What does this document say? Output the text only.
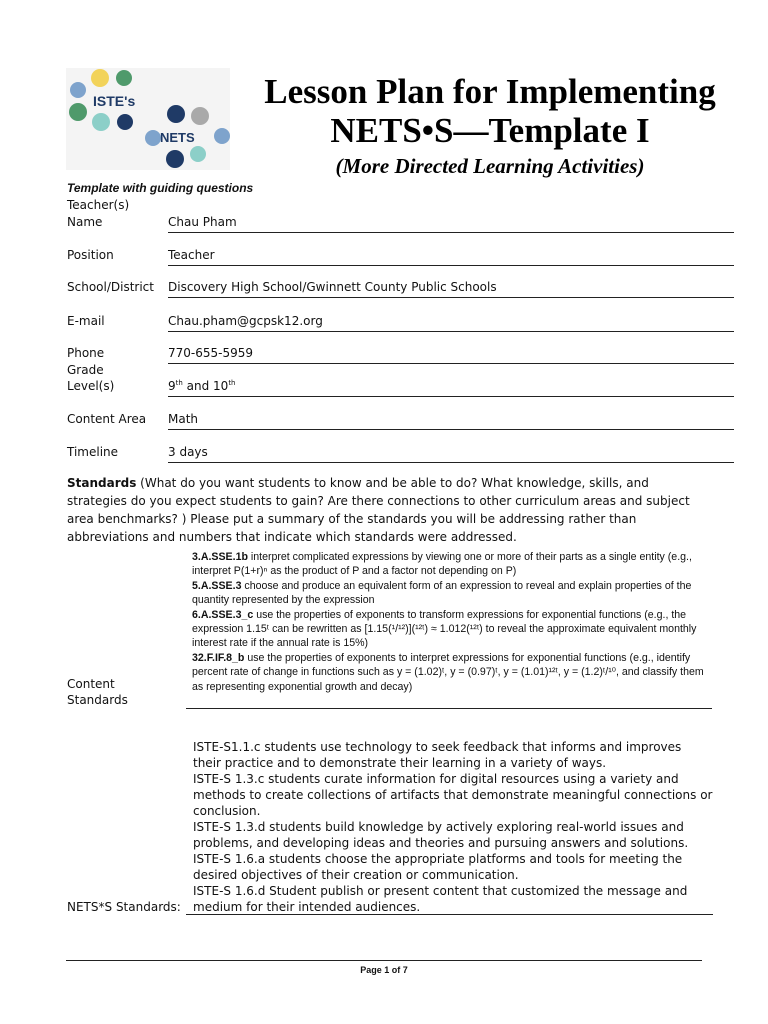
ISTE's
NETS
Lesson Plan for Implementing
NETS•S—Template I
(More Directed Learning Activities)
Template with guiding questions
Teacher(s)
Name	Chau Pham
Position	Teacher
School/District Discovery High School/Gwinnett County Public Schools
E-mail	Chau.pham@gcpsk12.org
Phone	770-655-5959
Grade
Level(s)	9th and 10th
Content Area Math
Timeline	3 days
Standards (What do you want students to know and be able to do? What knowledge, skills, and strategies do you expect students to gain? Are there connections to other curriculum areas and subject area benchmarks? ) Please put a summary of the standards you will be addressing rather than abbreviations and numbers that indicate which standards were addressed.
Content
Standards

3.A.SSE.1b interpret complicated expressions by viewing one or more of their parts as a single entity (e.g., interpret P(1+r)ⁿ as the product of P and a factor not depending on P)

5.A.SSE.3 choose and produce an equivalent form of an expression to reveal and explain properties of the quantity represented by the expression

6.A.SSE.3_c use the properties of exponents to transform expressions for exponential functions (e.g., the expression 1.15ᵗ can be rewritten as [1.15(¹/¹²)](¹²ᵗ) ≈ 1.012(¹²ᵗ) to reveal the approximate equivalent monthly interest rate if the annual rate is 15%)

32.F.IF.8_b use the properties of exponents to interpret expressions for exponential functions (e.g., identify percent rate of change in functions such as y = (1.02)ᵗ, y = (0.97)ᵗ, y = (1.01)¹²ᵗ, y = (1.2)ᵗ/¹⁰, and classify them as representing exponential growth and decay)

NETS*S Standards:

ISTE-S1.1.c students use technology to seek feedback that informs and improves their practice and to demonstrate their learning in a variety of ways.

ISTE-S 1.3.c students curate information for digital resources using a variety and methods to create collections of artifacts that demonstrate meaningful connections or conclusion.

ISTE-S 1.3.d students build knowledge by actively exploring real-world issues and problems, and developing ideas and theories and pursuing answers and solutions.

ISTE-S 1.6.a students choose the appropriate platforms and tools for meeting the desired objectives of their creation or communication.

ISTE-S 1.6.d Student publish or present content that customized the message and medium for their intended audiences.

Page 1 of 7
